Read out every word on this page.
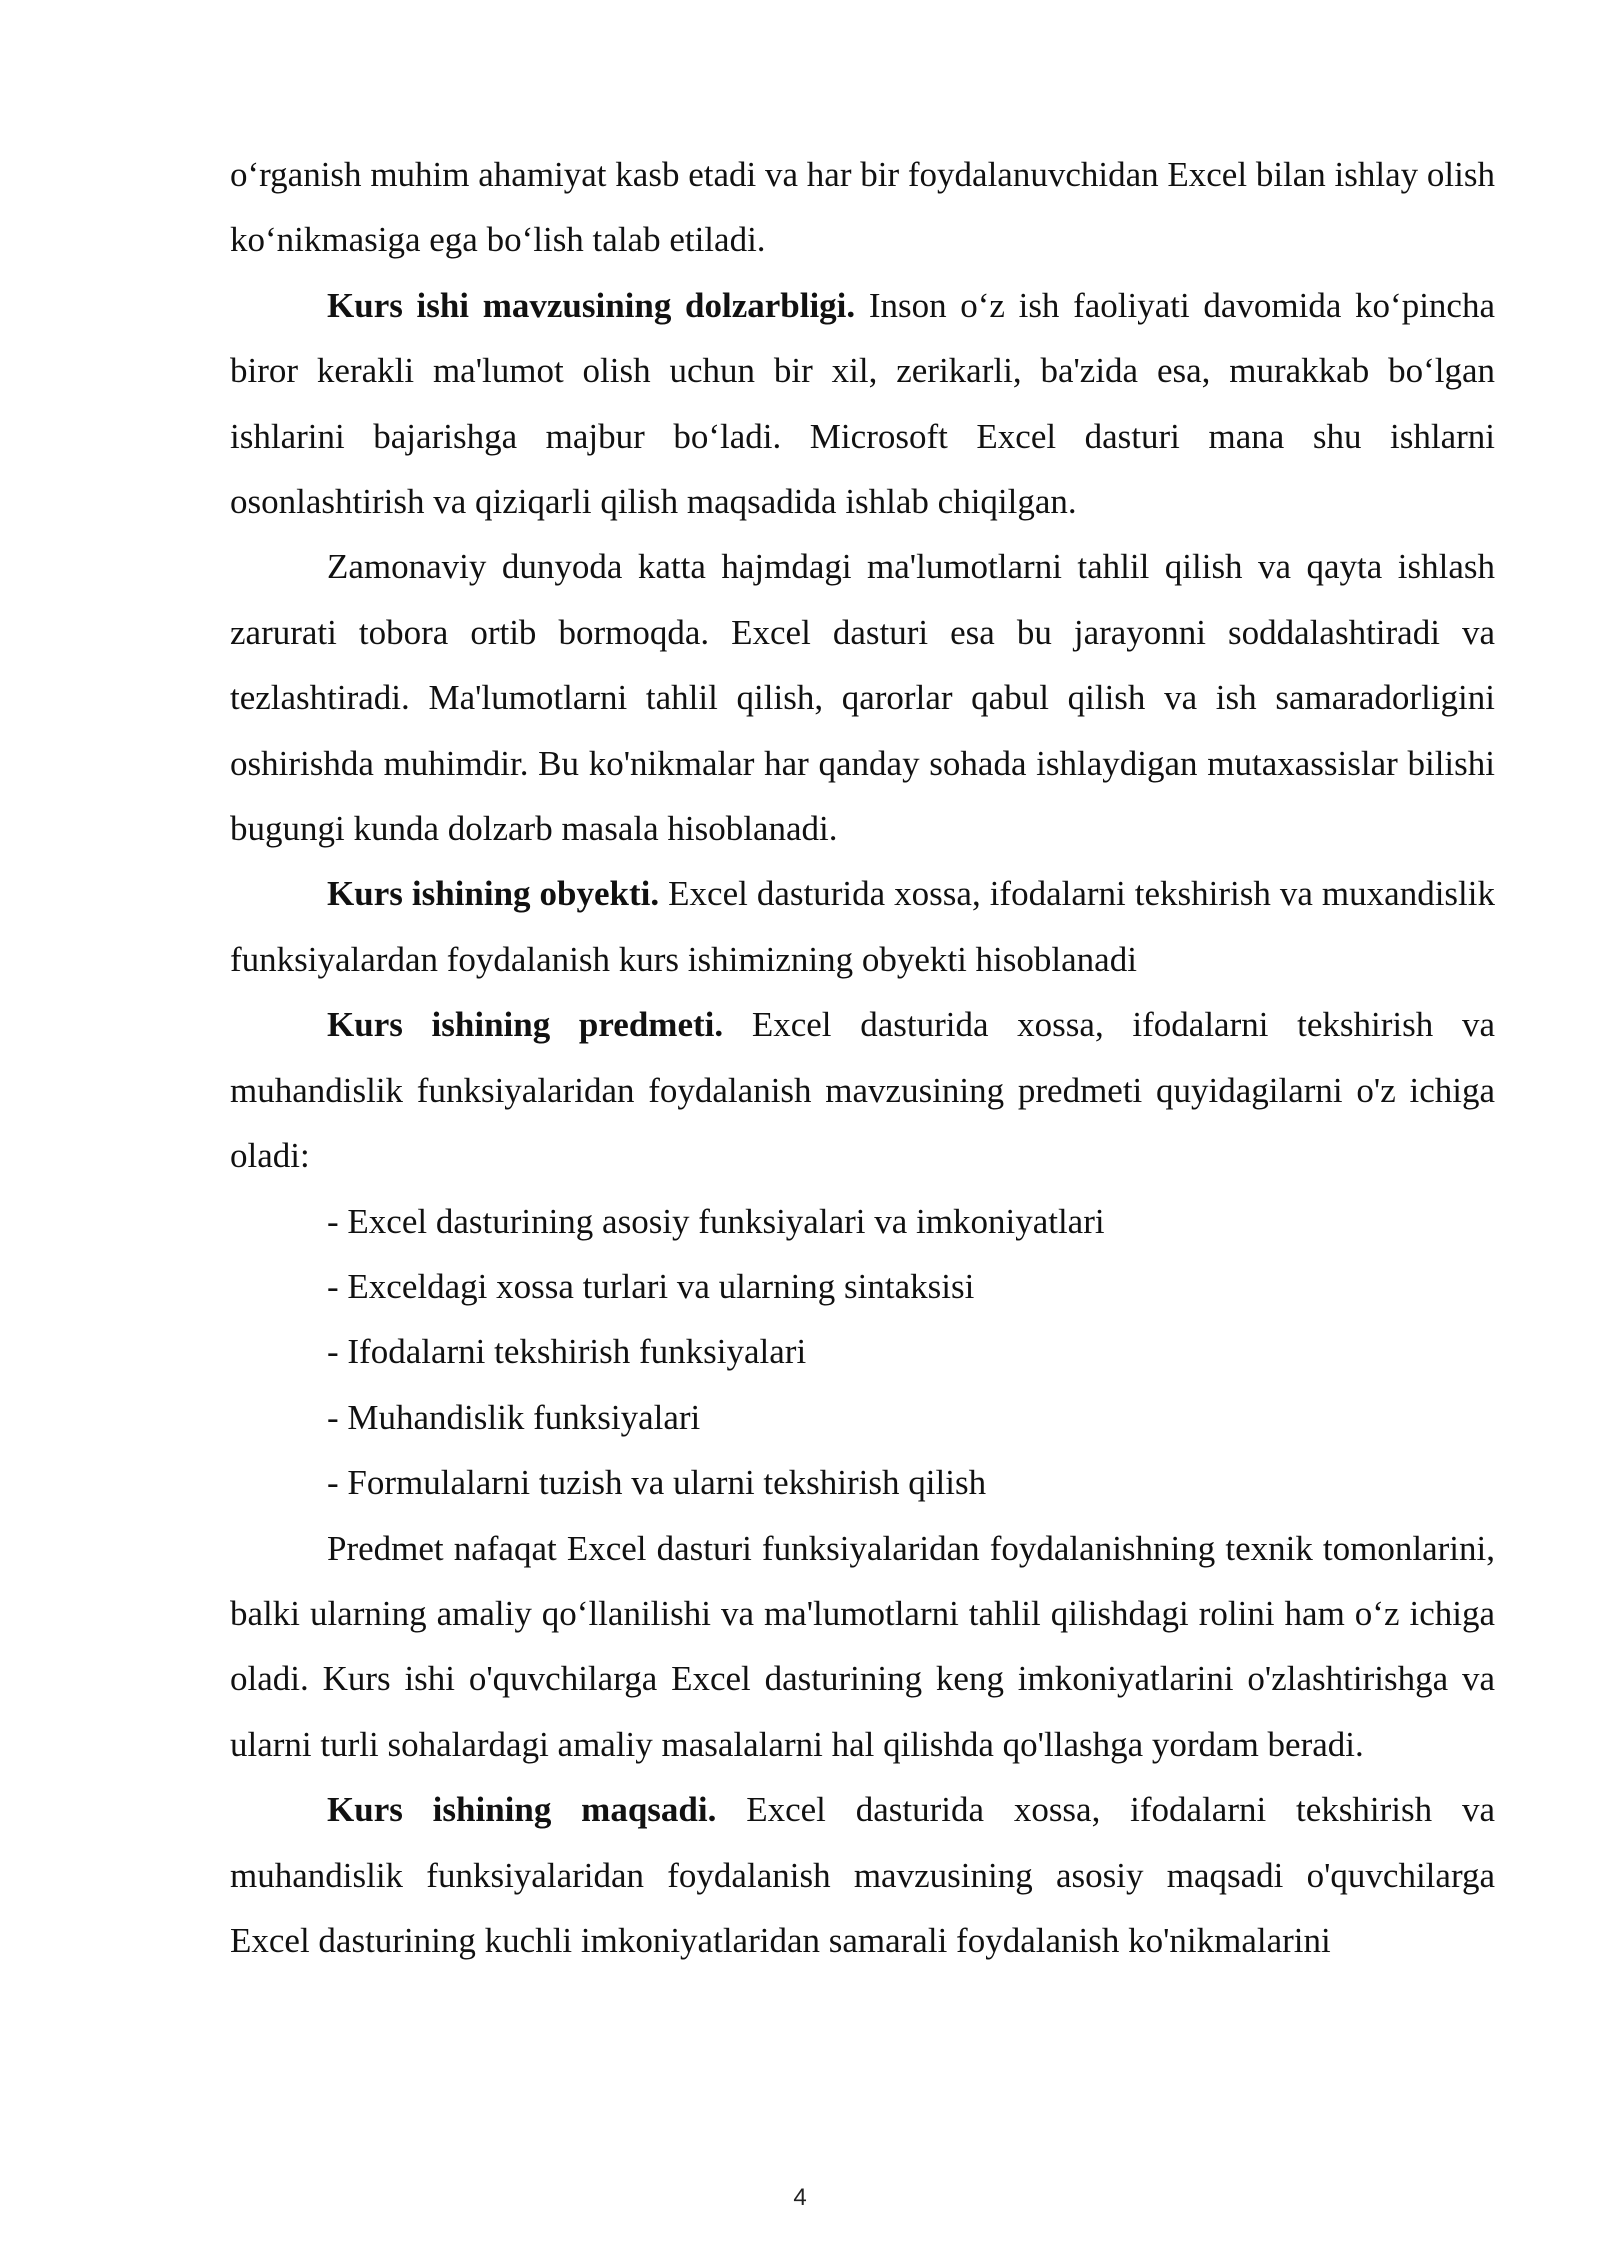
o‘rganish muhim ahamiyat kasb etadi va har bir foydalanuvchidan Excel bilan ishlay olish ko‘nikmasiga ega bo‘lish talab etiladi.

Kurs ishi mavzusining dolzarbligi. Inson o‘z ish faoliyati davomida ko‘pincha biror kerakli ma'lumot olish uchun bir xil, zerikarli, ba'zida esa, murakkab bo‘lgan ishlarini bajarishga majbur bo‘ladi. Microsoft Excel dasturi mana shu ishlarni osonlashtirish va qiziqarli qilish maqsadida ishlab chiqilgan.

Zamonaviy dunyoda katta hajmdagi ma'lumotlarni tahlil qilish va qayta ishlash zarurati tobora ortib bormoqda. Excel dasturi esa bu jarayonni soddalashtiradi va tezlashtiradi. Ma'lumotlarni tahlil qilish, qarorlar qabul qilish va ish samaradorligini oshirishda muhimdir. Bu ko'nikmalar har qanday sohada ishlaydigan mutaxassislar bilishi bugungi kunda dolzarb masala hisoblanadi.

Kurs ishining obyekti. Excel dasturida xossa, ifodalarni tekshirish va muxandislik funksiyalardan foydalanish kurs ishimizning obyekti hisoblanadi

Kurs ishining predmeti. Excel dasturida xossa, ifodalarni tekshirish va muhandislik funksiyalaridan foydalanish mavzusining predmeti quyidagilarni o'z ichiga oladi:

- Excel dasturining asosiy funksiyalari va imkoniyatlari

- Exceldagi xossa turlari va ularning sintaksisi

- Ifodalarni tekshirish funksiyalari

- Muhandislik funksiyalari

- Formulalarni tuzish va ularni tekshirish qilish

Predmet nafaqat Excel dasturi funksiyalaridan foydalanishning texnik tomonlarini, balki ularning amaliy qo‘llanilishi va ma'lumotlarni tahlil qilishdagi rolini ham o‘z ichiga oladi. Kurs ishi o'quvchilarga Excel dasturining keng imkoniyatlarini o'zlashtirishga va ularni turli sohalardagi amaliy masalalarni hal qilishda qo'llashga yordam beradi.

Kurs ishining maqsadi. Excel dasturida xossa, ifodalarni tekshirish va muhandislik funksiyalaridan foydalanish mavzusining asosiy maqsadi o'quvchilarga Excel dasturining kuchli imkoniyatlaridan samarali foydalanish ko'nikmalarini

4
